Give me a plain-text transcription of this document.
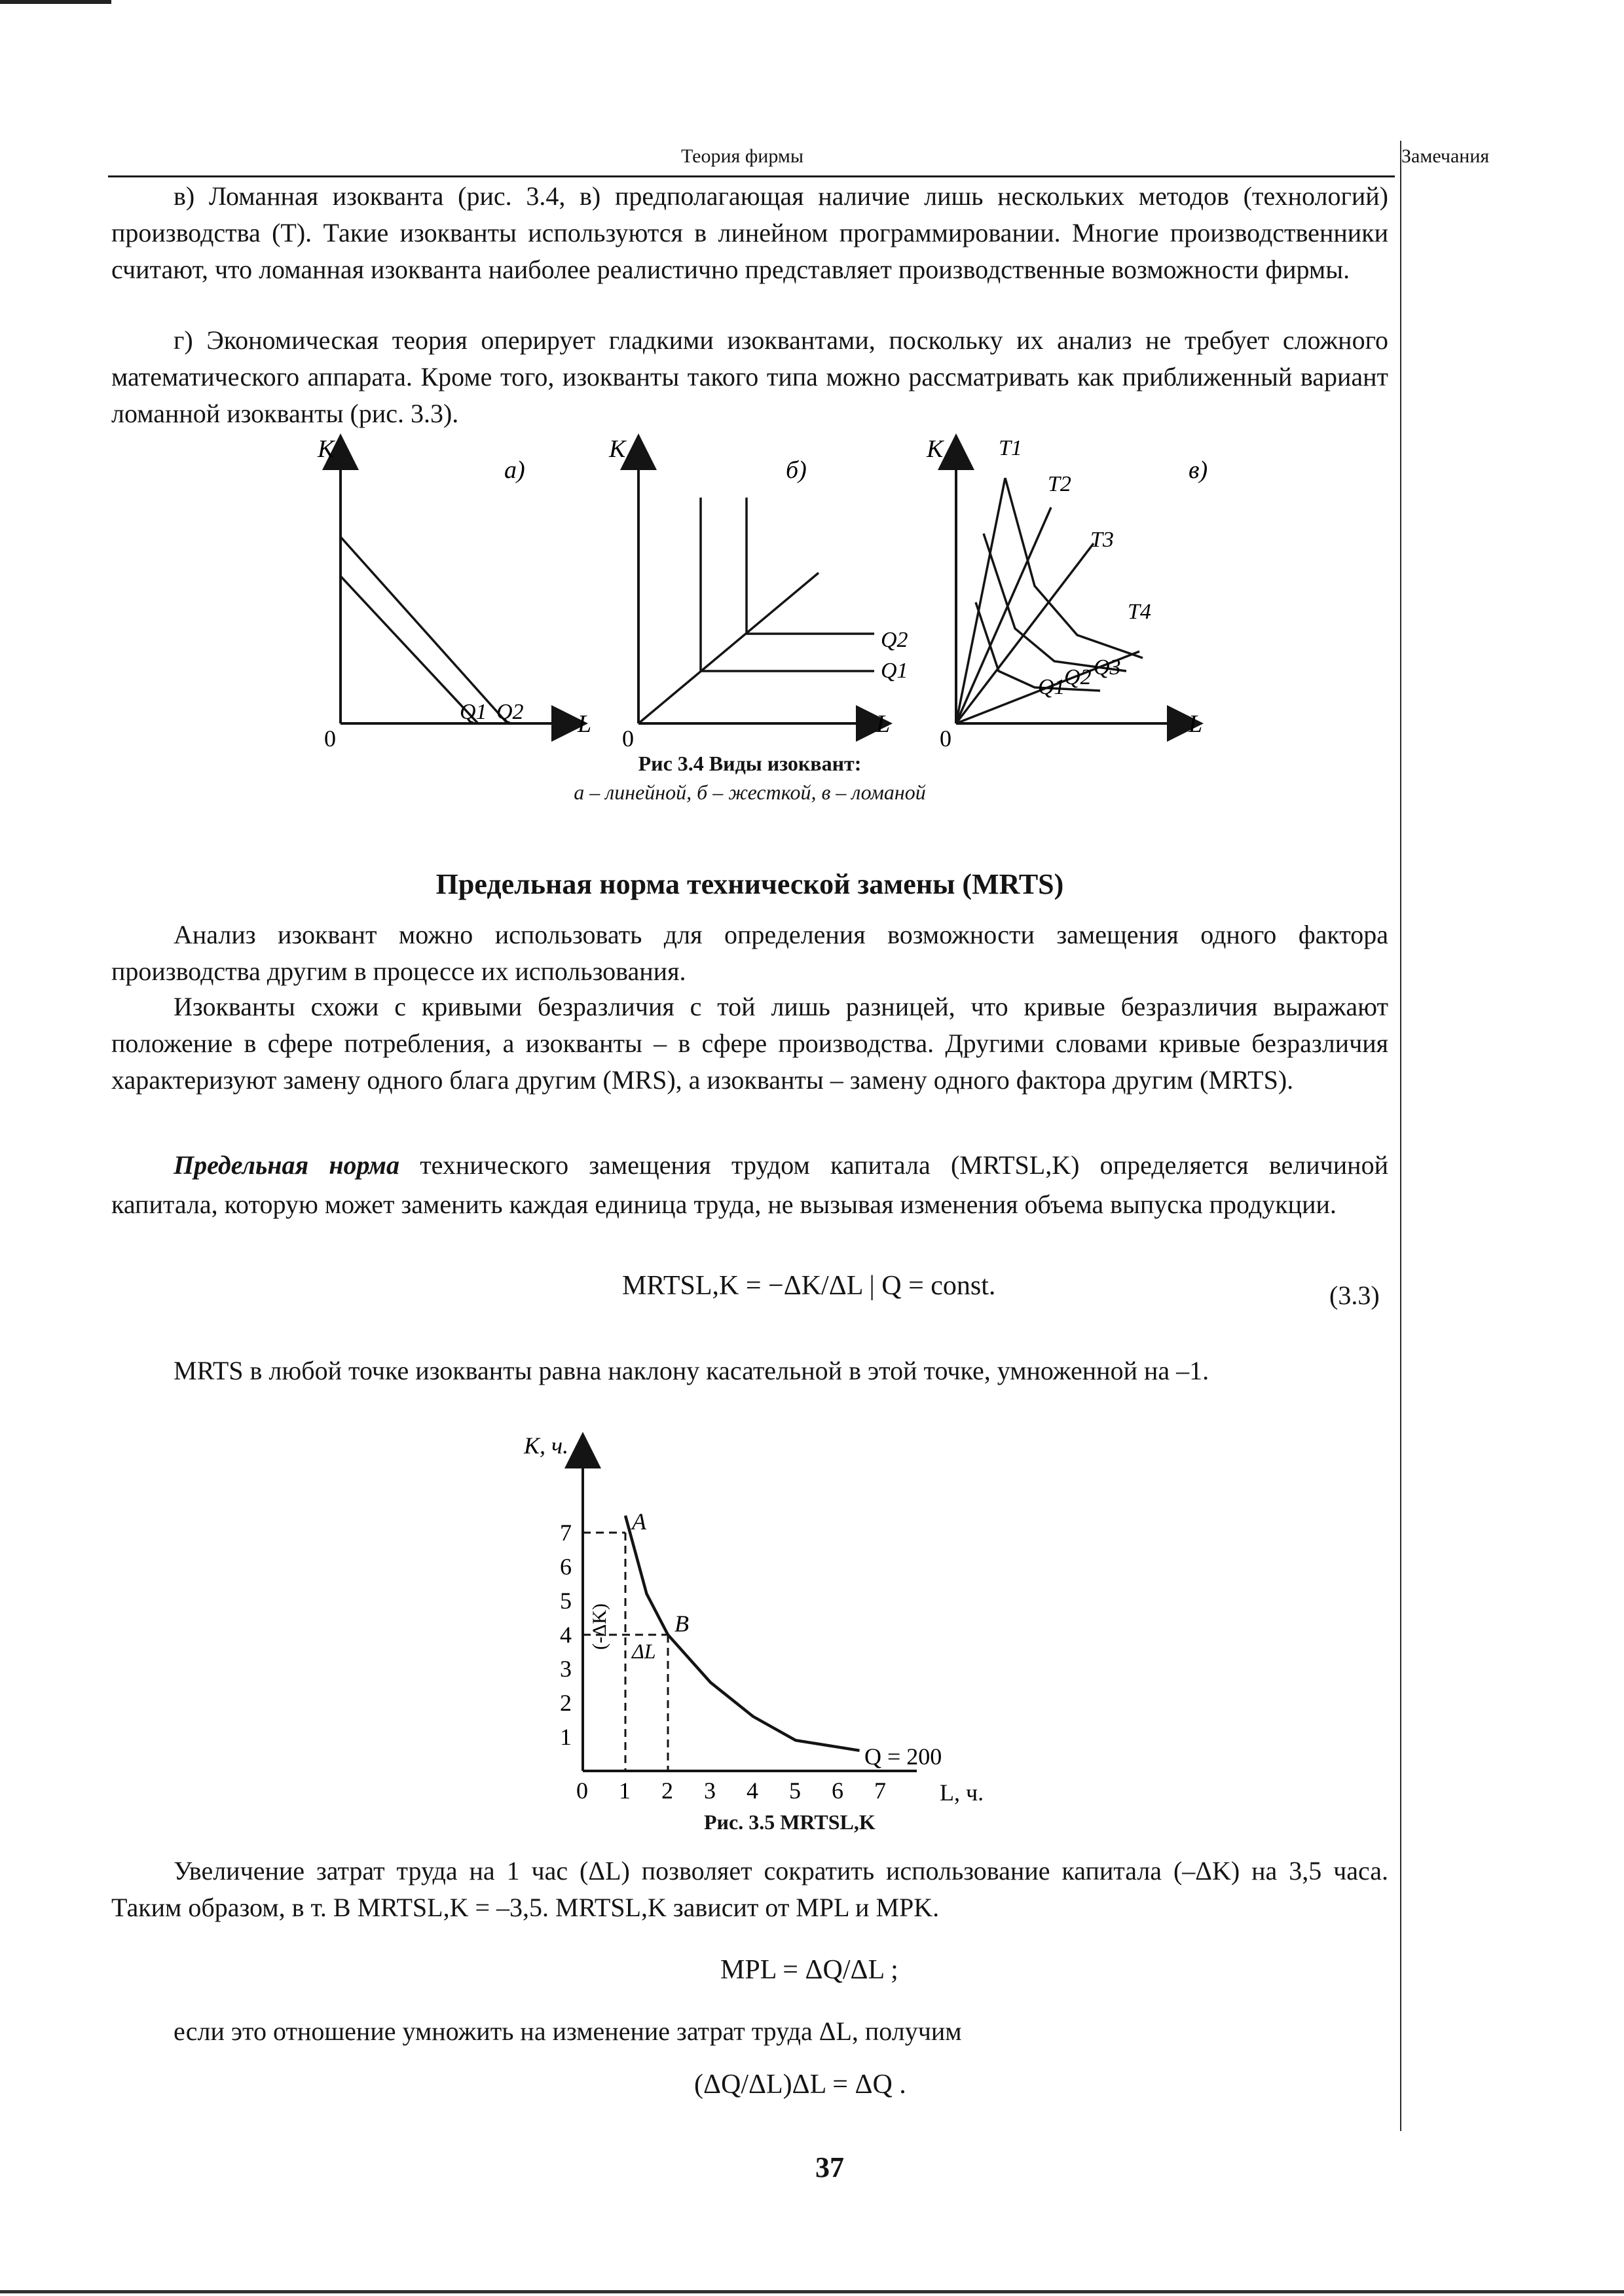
Теория фирмы	Замечания
в) Ломанная изокванта (рис. 3.4, в) предполагающая наличие лишь нескольких методов (технологий) производства (T). Такие изокванты используются в линейном программировании. Многие производственники считают, что ломанная изокванта наиболее реалистично представляет производственные возможности фирмы.
г) Экономическая теория оперирует гладкими изоквантами, поскольку их анализ не требует сложного математического аппарата. Кроме того, изокванты такого типа можно рассматривать как приближенный вариант ломанной изокванты (рис. 3.3).
K
L
0
а)
Q1 Q2
K
L
0
б)
Q2
Q1
K
L
0
в)
T1
T2
T3
T4
Q3
Q2
Q1
Рис 3.4 Виды изоквант:
а – линейной, б – жесткой, в – ломаной
Предельная норма технической замены (MRTS)
Анализ изоквант можно использовать для определения возможности замещения одного фактора производства другим в процессе их использования.
Изокванты схожи с кривыми безразличия с той лишь разницей, что кривые безразличия выражают положение в сфере потребления, а изокванты – в сфере производства. Другими словами кривые безразличия характеризуют замену одного блага другим (MRS), а изокванты – замену одного фактора другим (MRTS).
Предельная норма технического замещения трудом капитала (MRTSL,K) определяется величиной капитала, которую может заменить каждая единица труда, не вызывая изменения объема выпуска продукции.
MRTSL,K = −ΔK/ΔL | Q = const.	(3.3)
MRTS в любой точке изокванты равна наклону касательной в этой точке, умноженной на –1.
K, ч.
L, ч.
0 1 2 3 4 5 6 7
1
2
3
4
5
6
7	A
B
Q = 200
(-ΔK)
ΔL
Рис. 3.5 MRTSL,K
Увеличение затрат труда на 1 час (ΔL) позволяет сократить использование капитала (–ΔK) на 3,5 часа. Таким образом, в т. B MRTSL,K = –3,5. MRTSL,K зависит от MPL и MPK.
MPL = ΔQ/ΔL ;
если это отношение умножить на изменение затрат труда ΔL, получим
(ΔQ/ΔL)ΔL = ΔQ .
37
